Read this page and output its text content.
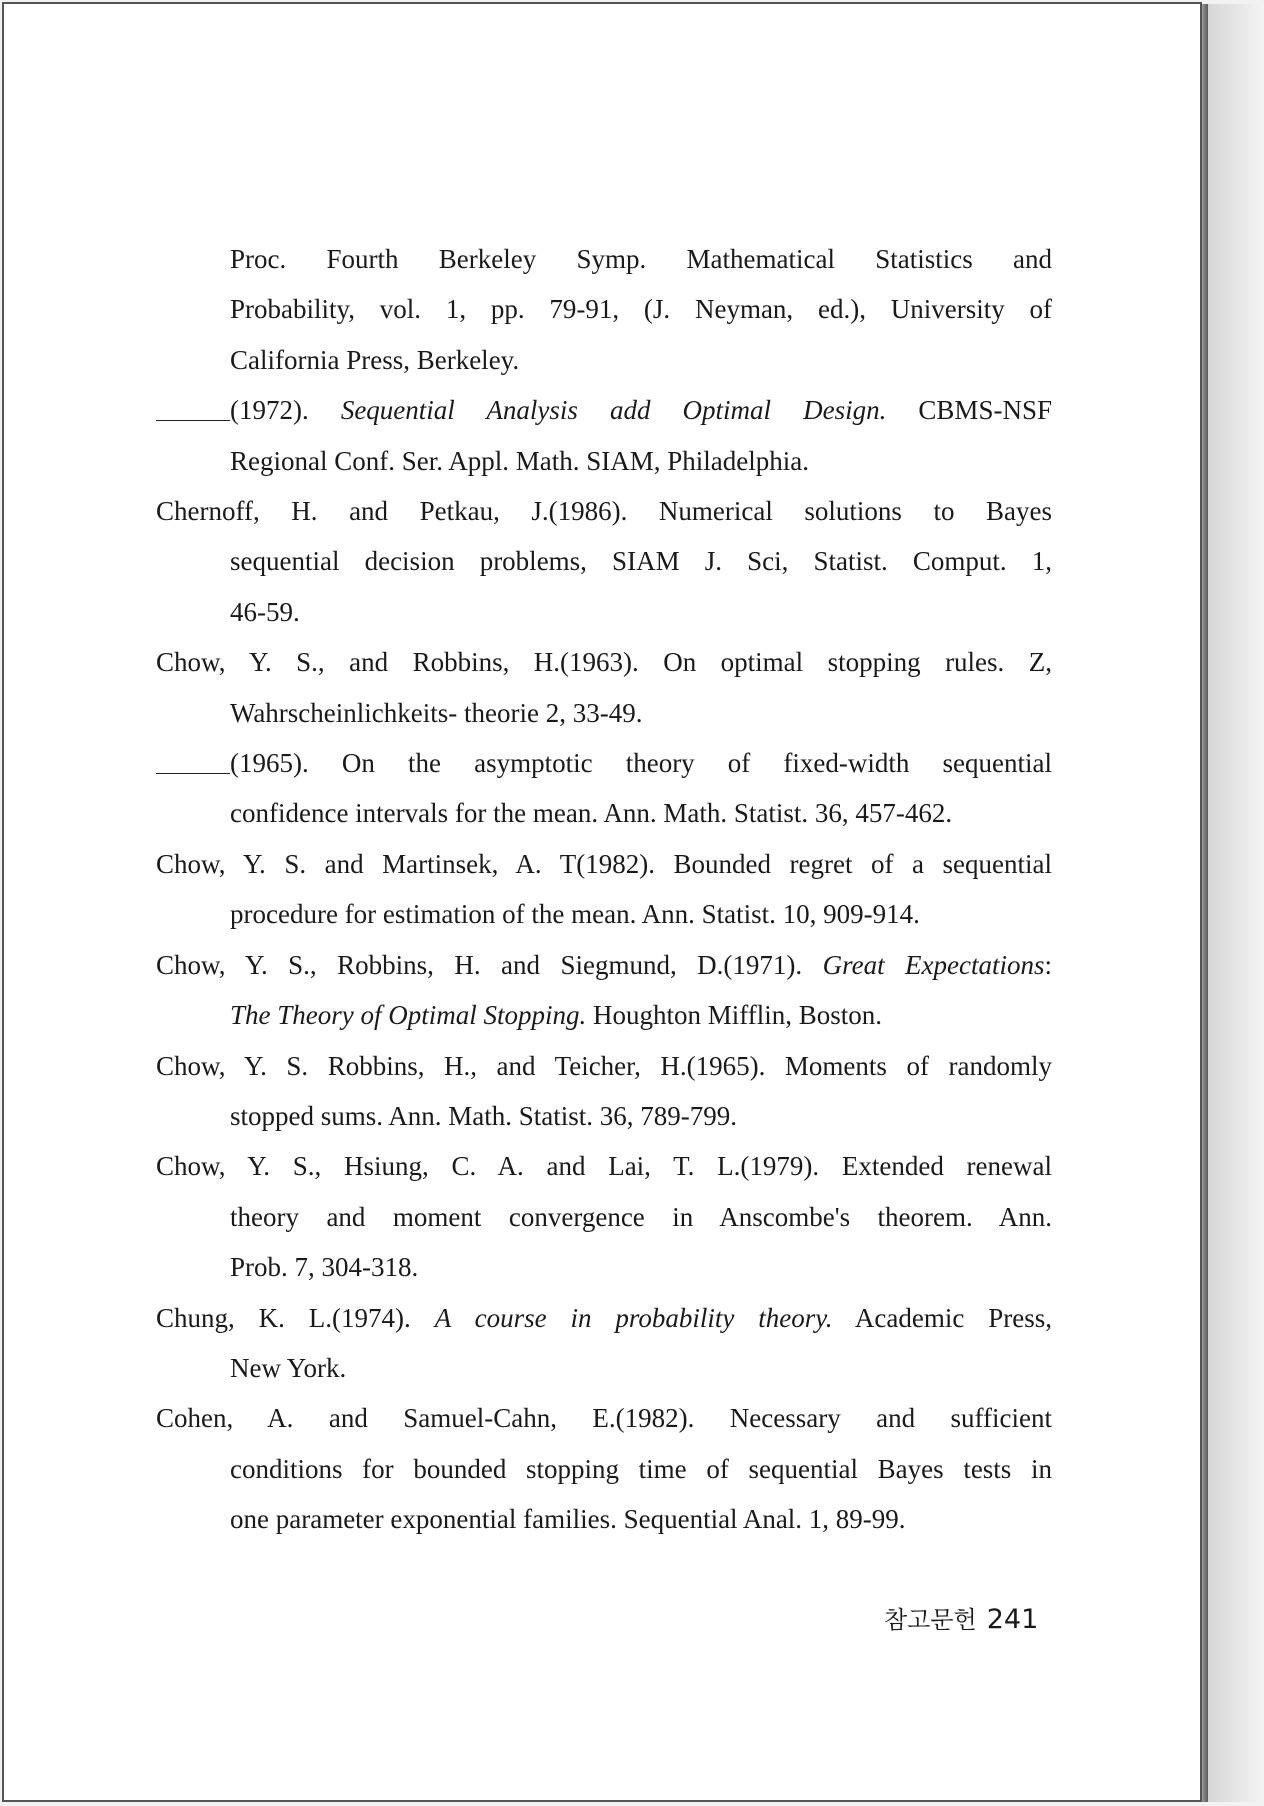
Proc. Fourth Berkeley Symp. Mathematical Statistics and
Probability, vol. 1, pp. 79-91, (J. Neyman, ed.), University of
California Press, Berkeley.
(1972). Sequential Analysis add Optimal Design. CBMS-NSF
Regional Conf. Ser. Appl. Math. SIAM, Philadelphia.
Chernoff, H. and Petkau, J.(1986). Numerical solutions to Bayes
sequential decision problems, SIAM J. Sci, Statist. Comput. 1,
46-59.
Chow, Y. S., and Robbins, H.(1963). On optimal stopping rules. Z,
Wahrscheinlichkeits- theorie 2, 33-49.
(1965). On the asymptotic theory of fixed-width sequential
confidence intervals for the mean. Ann. Math. Statist. 36, 457-462.
Chow, Y. S. and Martinsek, A. T(1982). Bounded regret of a sequential
procedure for estimation of the mean. Ann. Statist. 10, 909-914.
Chow, Y. S., Robbins, H. and Siegmund, D.(1971). Great Expectations:
The Theory of Optimal Stopping. Houghton Mifflin, Boston.
Chow, Y. S. Robbins, H., and Teicher, H.(1965). Moments of randomly
stopped sums. Ann. Math. Statist. 36, 789-799.
Chow, Y. S., Hsiung, C. A. and Lai, T. L.(1979). Extended renewal
theory and moment convergence in Anscombe's theorem. Ann.
Prob. 7, 304-318.
Chung, K. L.(1974). A course in probability theory. Academic Press,
New York.
Cohen, A. and Samuel-Cahn, E.(1982). Necessary and sufficient
conditions for bounded stopping time of sequential Bayes tests in
one parameter exponential families. Sequential Anal. 1, 89-99.
참고문헌 241
